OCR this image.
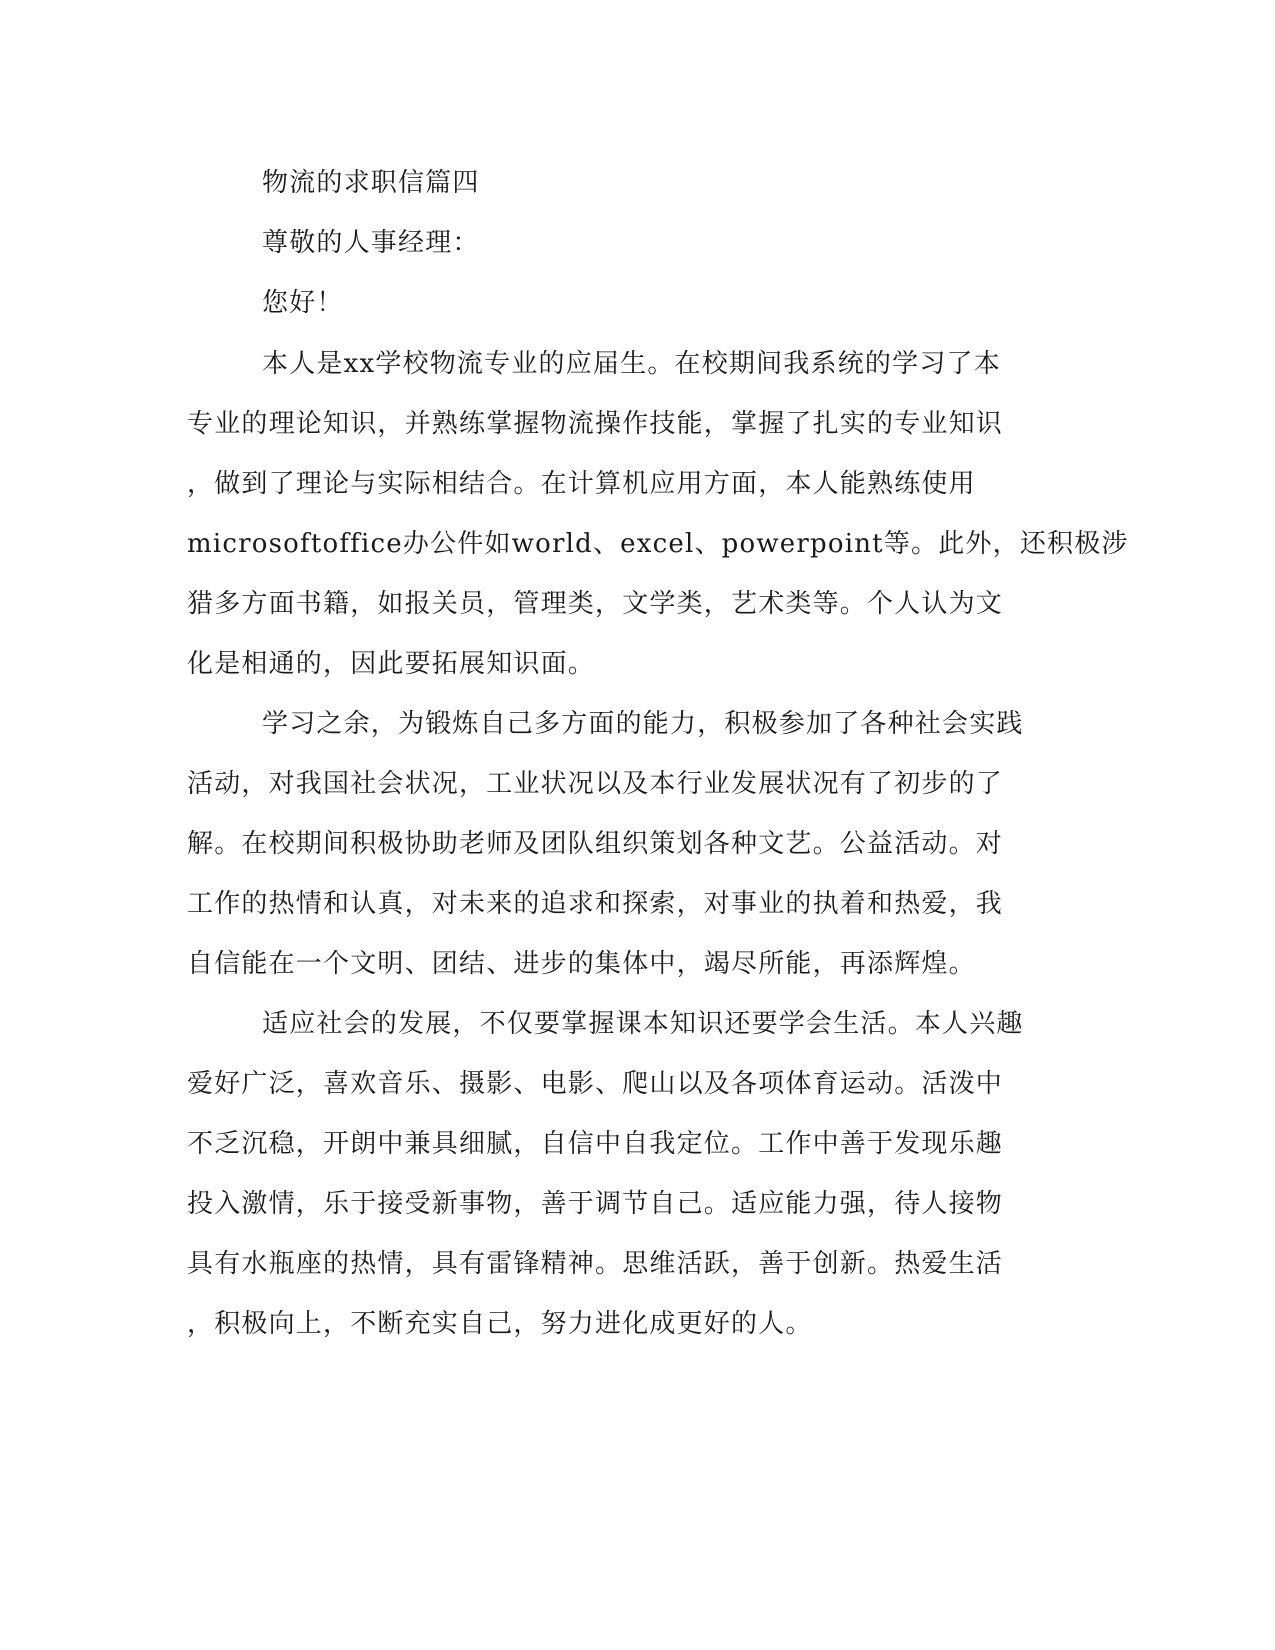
物流的求职信篇四
尊敬的人事经理：
您好！
本人是xx学校物流专业的应届生。在校期间我系统的学习了本
专业的理论知识，并熟练掌握物流操作技能，掌握了扎实的专业知识
，做到了理论与实际相结合。在计算机应用方面，本人能熟练使用
microsoftoffice办公件如world、excel、powerpoint等。此外，还积极涉
猎多方面书籍，如报关员，管理类，文学类，艺术类等。个人认为文
化是相通的，因此要拓展知识面。
学习之余，为锻炼自己多方面的能力，积极参加了各种社会实践
活动，对我国社会状况，工业状况以及本行业发展状况有了初步的了
解。在校期间积极协助老师及团队组织策划各种文艺。公益活动。对
工作的热情和认真，对未来的追求和探索，对事业的执着和热爱，我
自信能在一个文明、团结、进步的集体中，竭尽所能，再添辉煌。
适应社会的发展，不仅要掌握课本知识还要学会生活。本人兴趣
爱好广泛，喜欢音乐、摄影、电影、爬山以及各项体育运动。活泼中
不乏沉稳，开朗中兼具细腻，自信中自我定位。工作中善于发现乐趣
投入激情，乐于接受新事物，善于调节自己。适应能力强，待人接物
具有水瓶座的热情，具有雷锋精神。思维活跃，善于创新。热爱生活
，积极向上，不断充实自己，努力进化成更好的人。
